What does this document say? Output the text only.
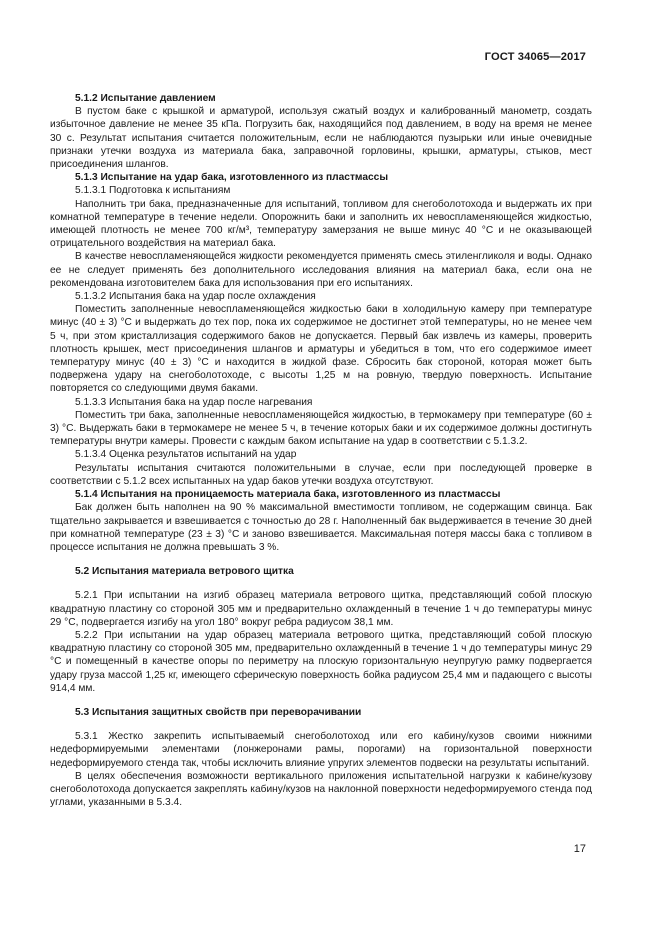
ГОСТ 34065—2017

5.1.2 Испытание давлением

В пустом баке с крышкой и арматурой, используя сжатый воздух и калиброванный манометр, создать избыточное давление не менее 35 кПа. Погрузить бак, находящийся под давлением, в воду на время не менее 30 с. Результат испытания считается положительным, если не наблюдаются пузырьки или иные очевидные признаки утечки воздуха из материала бака, заправочной горловины, крышки, арматуры, стыков, мест присоединения шлангов.

5.1.3 Испытание на удар бака, изготовленного из пластмассы

5.1.3.1 Подготовка к испытаниям

Наполнить три бака, предназначенные для испытаний, топливом для снегоболотохода и выдержать их при комнатной температуре в течение недели. Опорожнить баки и заполнить их невоспламеняющейся жидкостью, имеющей плотность не менее 700 кг/м³, температуру замерзания не выше минус 40 °С и не оказывающей отрицательного воздействия на материал бака.

В качестве невоспламеняющейся жидкости рекомендуется применять смесь этиленгликоля и воды. Однако ее не следует применять без дополнительного исследования влияния на материал бака, если она не рекомендована изготовителем бака для использования при его испытаниях.

5.1.3.2 Испытания бака на удар после охлаждения

Поместить заполненные невоспламеняющейся жидкостью баки в холодильную камеру при температуре минус (40 ± 3) °С и выдержать до тех пор, пока их содержимое не достигнет этой температуры, но не менее чем 5 ч, при этом кристаллизация содержимого баков не допускается. Первый бак извлечь из камеры, проверить плотность крышек, мест присоединения шлангов и арматуры и убедиться в том, что его содержимое имеет температуру минус (40 ± 3) °С и находится в жидкой фазе. Сбросить бак стороной, которая может быть подвержена удару на снегоболотоходе, с высоты 1,25 м на ровную, твердую поверхность. Испытание повторяется со следующими двумя баками.

5.1.3.3 Испытания бака на удар после нагревания

Поместить три бака, заполненные невоспламеняющейся жидкостью, в термокамеру при температуре (60 ± 3) °С. Выдержать баки в термокамере не менее 5 ч, в течение которых баки и их содержимое должны достигнуть температуры внутри камеры. Провести с каждым баком испытание на удар в соответствии с 5.1.3.2.

5.1.3.4 Оценка результатов испытаний на удар

Результаты испытания считаются положительными в случае, если при последующей проверке в соответствии с 5.1.2 всех испытанных на удар баков утечки воздуха отсутствуют.

5.1.4 Испытания на проницаемость материала бака, изготовленного из пластмассы

Бак должен быть наполнен на 90 % максимальной вместимости топливом, не содержащим свинца. Бак тщательно закрывается и взвешивается с точностью до 28 г. Наполненный бак выдерживается в течение 30 дней при комнатной температуре (23 ± 3) °С и заново взвешивается. Максимальная потеря массы бака с топливом в процессе испытания не должна превышать 3 %.

5.2 Испытания материала ветрового щитка

5.2.1 При испытании на изгиб образец материала ветрового щитка, представляющий собой плоскую квадратную пластину со стороной 305 мм и предварительно охлажденный в течение 1 ч до температуры минус 29 °С, подвергается изгибу на угол 180° вокруг ребра радиусом 38,1 мм.

5.2.2 При испытании на удар образец материала ветрового щитка, представляющий собой плоскую квадратную пластину со стороной 305 мм, предварительно охлажденный в течение 1 ч до температуры минус 29 °С и помещенный в качестве опоры по периметру на плоскую горизонтальную неупругую рамку подвергается удару груза массой 1,25 кг, имеющего сферическую поверхность бойка радиусом 25,4 мм и падающего с высоты 914,4 мм.

5.3 Испытания защитных свойств при переворачивании

5.3.1 Жестко закрепить испытываемый снегоболотоход или его кабину/кузов своими нижними недеформируемыми элементами (лонжеронами рамы, порогами) на горизонтальной поверхности недеформируемого стенда так, чтобы исключить влияние упругих элементов подвески на результаты испытаний.

В целях обеспечения возможности вертикального приложения испытательной нагрузки к кабине/кузову снегоболотохода допускается закреплять кабину/кузов на наклонной поверхности недеформируемого стенда под углами, указанными в 5.3.4.

17
